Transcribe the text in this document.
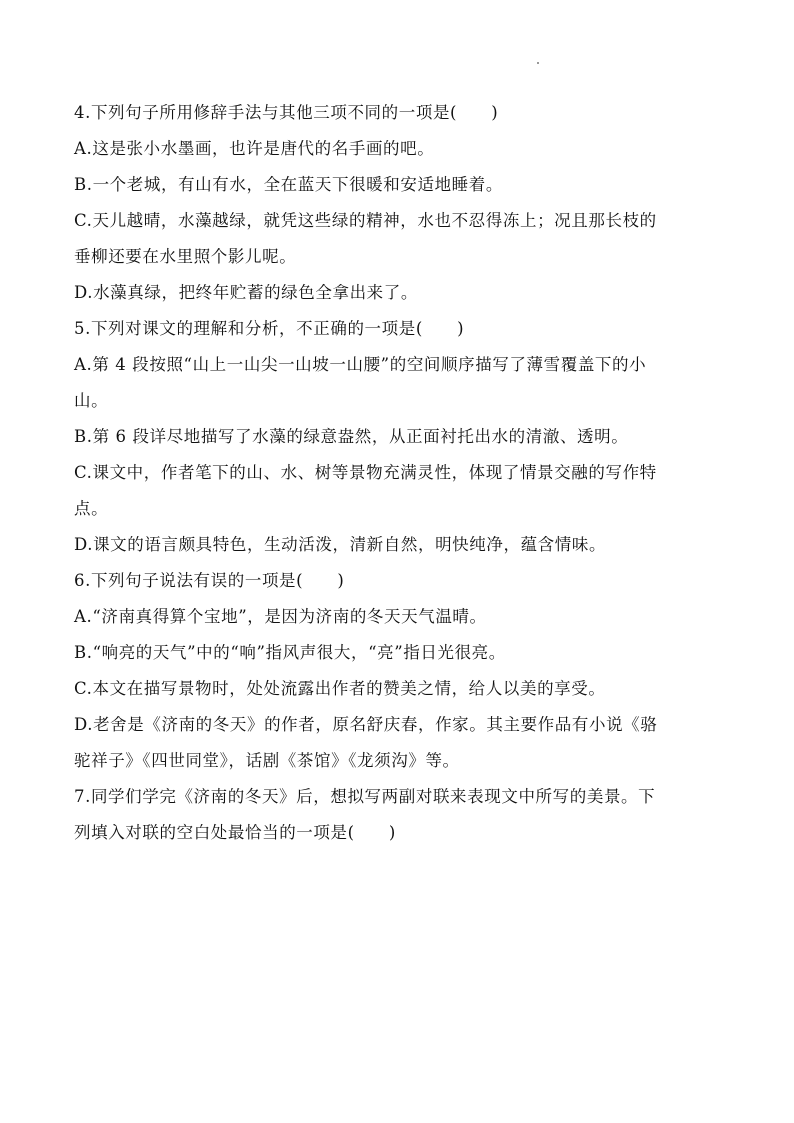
4.下列句子所用修辞手法与其他三项不同的一项是(　　)
A.这是张小水墨画，也许是唐代的名手画的吧。
B.一个老城，有山有水，全在蓝天下很暖和安适地睡着。
C.天儿越晴，水藻越绿，就凭这些绿的精神，水也不忍得冻上；况且那长枝的
垂柳还要在水里照个影儿呢。
D.水藻真绿，把终年贮蓄的绿色全拿出来了。
5.下列对课文的理解和分析，不正确的一项是(　　)
A.第 4 段按照“山上一山尖一山坡一山腰”的空间顺序描写了薄雪覆盖下的小
山。
B.第 6 段详尽地描写了水藻的绿意盎然，从正面衬托出水的清澈、透明。
C.课文中，作者笔下的山、水、树等景物充满灵性，体现了情景交融的写作特
点。
D.课文的语言颇具特色，生动活泼，清新自然，明快纯净，蕴含情味。
6.下列句子说法有误的一项是(　　)
A.“济南真得算个宝地”，是因为济南的冬天天气温晴。
B.“响亮的天气”中的“响”指风声很大，“亮”指日光很亮。
C.本文在描写景物时，处处流露出作者的赞美之情，给人以美的享受。
D.老舍是《济南的冬天》的作者，原名舒庆春，作家。其主要作品有小说《骆
驼祥子》《四世同堂》，话剧《茶馆》《龙须沟》等。
7.同学们学完《济南的冬天》后，想拟写两副对联来表现文中所写的美景。下
列填入对联的空白处最恰当的一项是(　　)
